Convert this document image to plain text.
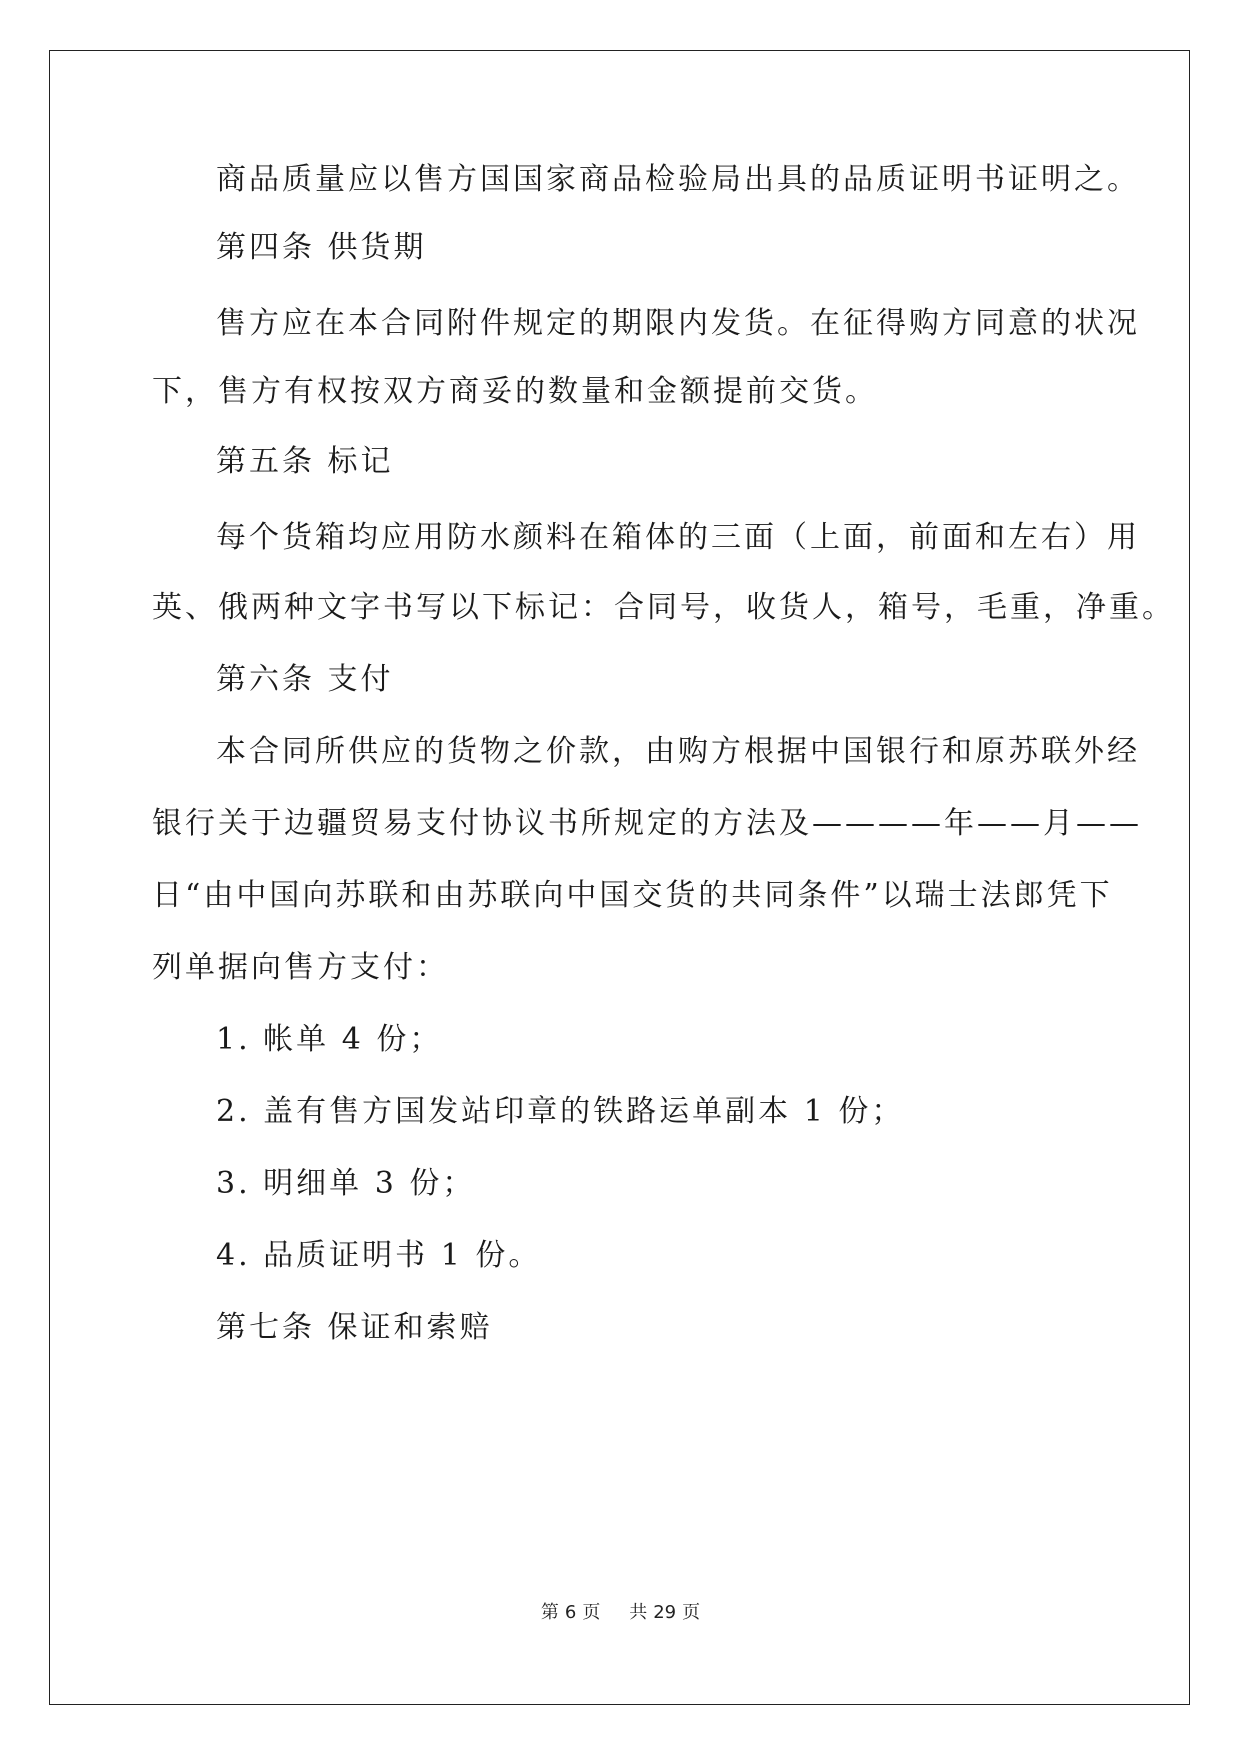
商品质量应以售方国国家商品检验局出具的品质证明书证明之。
第四条 供货期
售方应在本合同附件规定的期限内发货。在征得购方同意的状况
下，售方有权按双方商妥的数量和金额提前交货。
第五条 标记
每个货箱均应用防水颜料在箱体的三面（上面，前面和左右）用
英、俄两种文字书写以下标记：合同号，收货人，箱号，毛重，净重。
第六条 支付
本合同所供应的货物之价款，由购方根据中国银行和原苏联外经
银行关于边疆贸易支付协议书所规定的方法及————年——月——
日“由中国向苏联和由苏联向中国交货的共同条件”以瑞士法郎凭下
列单据向售方支付：
1. 帐单 4 份；
2. 盖有售方国发站印章的铁路运单副本 1 份；
3. 明细单 3 份；
4. 品质证明书 1 份。
第七条 保证和索赔
第 6 页 共 29 页
